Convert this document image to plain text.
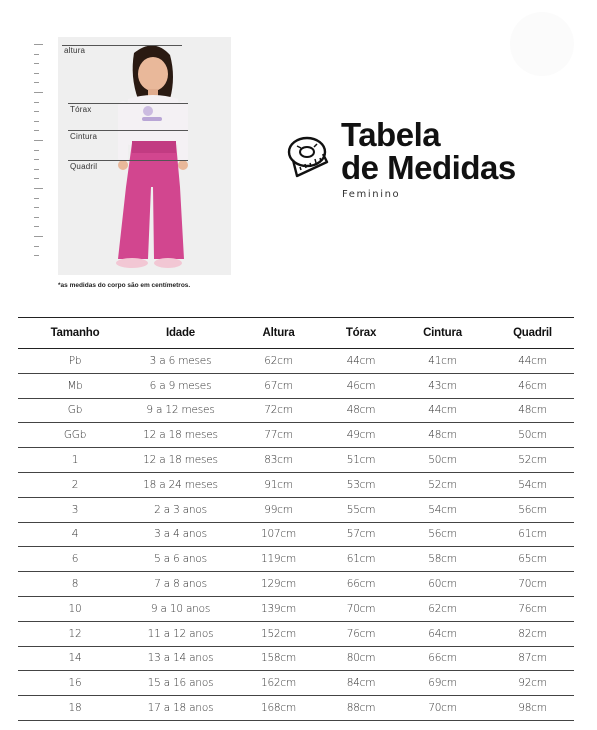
altura
Tórax
Cintura
Quadril
*as medidas do corpo são em centímetros.
Tabela
de Medidas
Feminino
Tamanho	Idade	Altura	Tórax	Cintura	Quadril
Pb	3 a 6 meses	62cm	44cm	41cm	44cm
Mb	6 a 9 meses	67cm	46cm	43cm	46cm
Gb	9 a 12 meses	72cm	48cm	44cm	48cm
GGb	12 a 18 meses	77cm	49cm	48cm	50cm
1	12 a 18 meses	83cm	51cm	50cm	52cm
2	18 a 24 meses	91cm	53cm	52cm	54cm
3	2 a 3 anos	99cm	55cm	54cm	56cm
4	3 a 4 anos	107cm	57cm	56cm	61cm
6	5 a 6 anos	119cm	61cm	58cm	65cm
8	7 a 8 anos	129cm	66cm	60cm	70cm
10	9 a 10 anos	139cm	70cm	62cm	76cm
12	11 a 12 anos	152cm	76cm	64cm	82cm
14	13 a 14 anos	158cm	80cm	66cm	87cm
16	15 a 16 anos	162cm	84cm	69cm	92cm
18	17 a 18 anos	168cm	88cm	70cm	98cm
